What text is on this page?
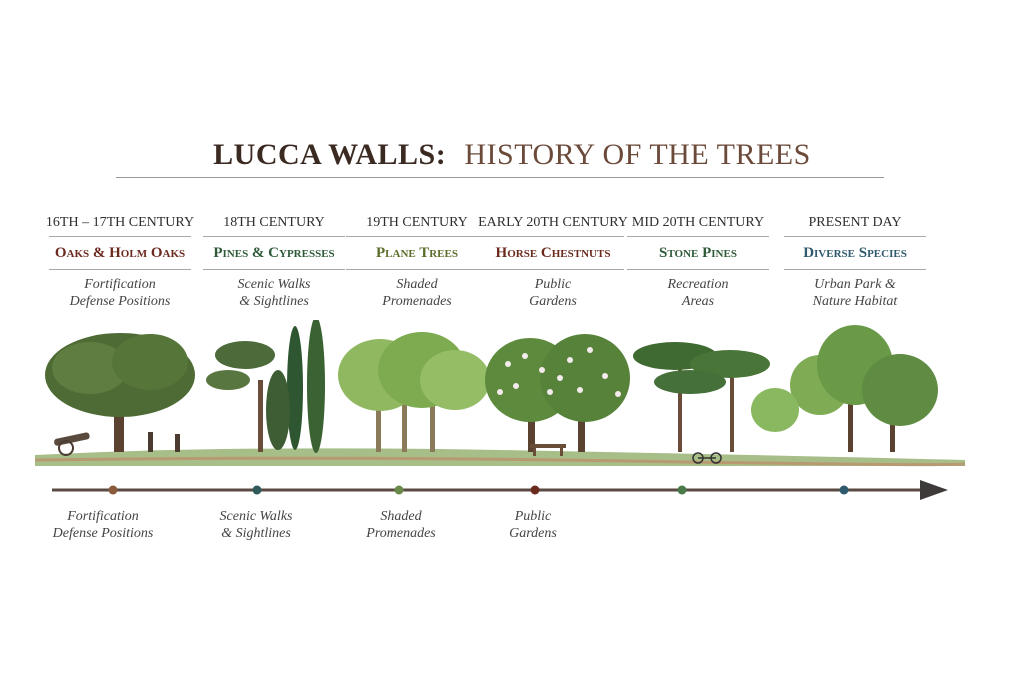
LUCCA WALLS: HISTORY OF THE TREES
16TH – 17TH CENTURY
Oaks & Holm Oaks
Fortification
Defense Positions
18TH CENTURY
Pines & Cypresses
Scenic Walks
& Sightlines
19TH CENTURY
Plane Trees
Shaded
Promenades
EARLY 20TH CENTURY
Horse Chestnuts
Public
Gardens
MID 20TH CENTURY
Stone Pines
Recreation
Areas
PRESENT DAY
Diverse Species
Urban Park &
Nature Habitat
Fortification
Defense Positions
Scenic Walks
& Sightlines
Shaded
Promenades
Public
Gardens
